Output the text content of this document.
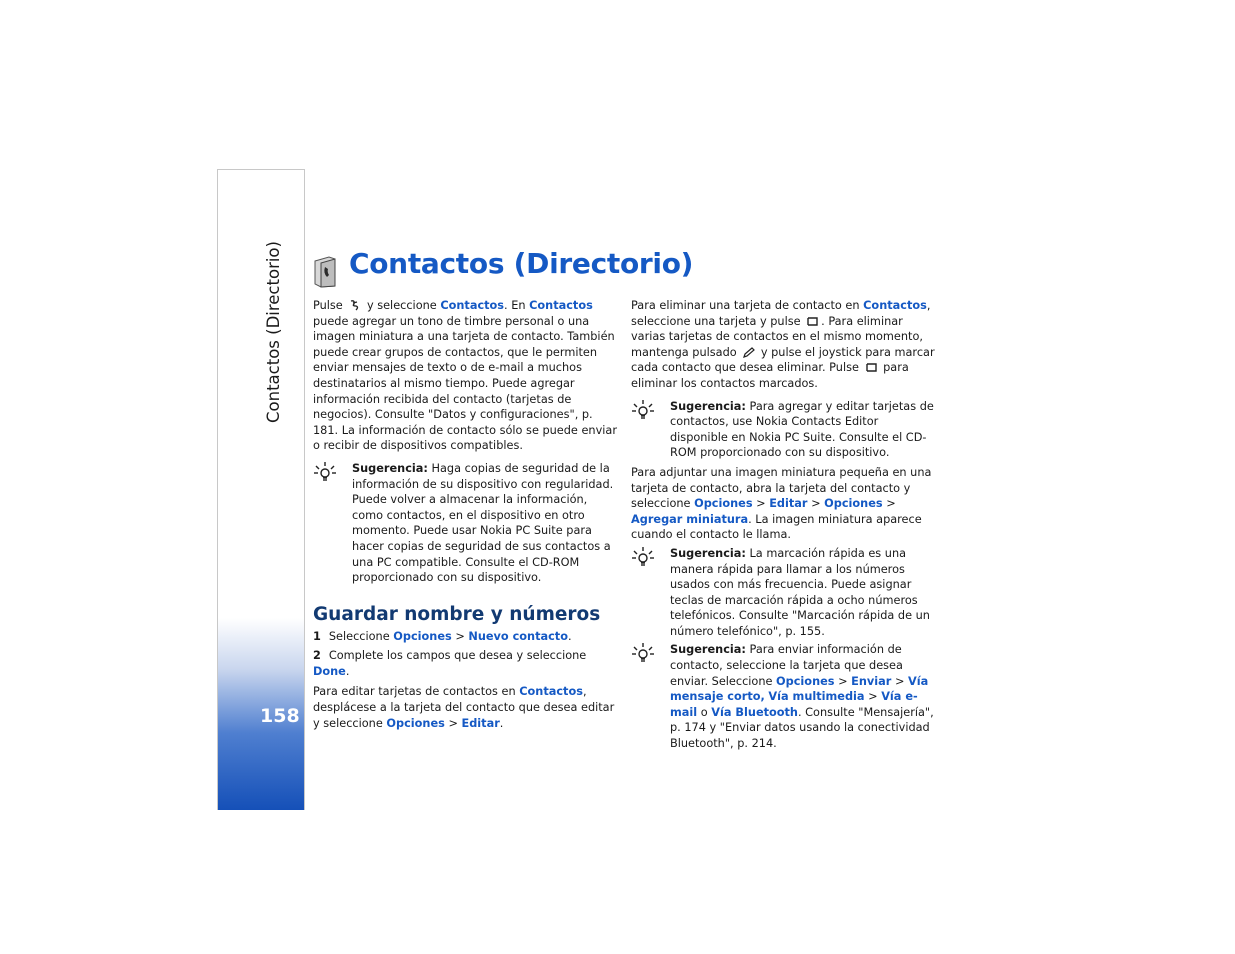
Contactos (Directorio)
158
Contactos (Directorio)

Pulse y seleccione Contactos. En Contactos puede agregar un tono de timbre personal o una imagen miniatura a una tarjeta de contacto. También puede crear grupos de contactos, que le permiten enviar mensajes de texto o de e-mail a muchos destinatarios al mismo tiempo. Puede agregar información recibida del contacto (tarjetas de negocios). Consulte "Datos y configuraciones", p. 181. La información de contacto sólo se puede enviar o recibir de dispositivos compatibles.

Sugerencia: Haga copias de seguridad de la información de su dispositivo con regularidad. Puede volver a almacenar la información, como contactos, en el dispositivo en otro momento. Puede usar Nokia PC Suite para hacer copias de seguridad de sus contactos a una PC compatible. Consulte el CD-ROM proporcionado con su dispositivo.

Guardar nombre y números

1 Seleccione Opciones > Nuevo contacto.

2 Complete los campos que desea y seleccione Done.

Para editar tarjetas de contactos en Contactos, desplácese a la tarjeta del contacto que desea editar y seleccione Opciones > Editar.

Para eliminar una tarjeta de contacto en Contactos, seleccione una tarjeta y pulse . Para eliminar varias tarjetas de contactos en el mismo momento, mantenga pulsado y pulse el joystick para marcar cada contacto que desea eliminar. Pulse para eliminar los contactos marcados.

Sugerencia: Para agregar y editar tarjetas de contactos, use Nokia Contacts Editor disponible en Nokia PC Suite. Consulte el CD-ROM proporcionado con su dispositivo.

Para adjuntar una imagen miniatura pequeña en una tarjeta de contacto, abra la tarjeta del contacto y seleccione Opciones > Editar > Opciones > Agregar miniatura. La imagen miniatura aparece cuando el contacto le llama.

Sugerencia: La marcación rápida es una manera rápida para llamar a los números usados con más frecuencia. Puede asignar teclas de marcación rápida a ocho números telefónicos. Consulte "Marcación rápida de un número telefónico", p. 155.

Sugerencia: Para enviar información de contacto, seleccione la tarjeta que desea enviar. Seleccione Opciones > Enviar > Vía mensaje corto, Vía multimedia > Vía e-mail o Vía Bluetooth. Consulte "Mensajería", p. 174 y "Enviar datos usando la conectividad Bluetooth", p. 214.
